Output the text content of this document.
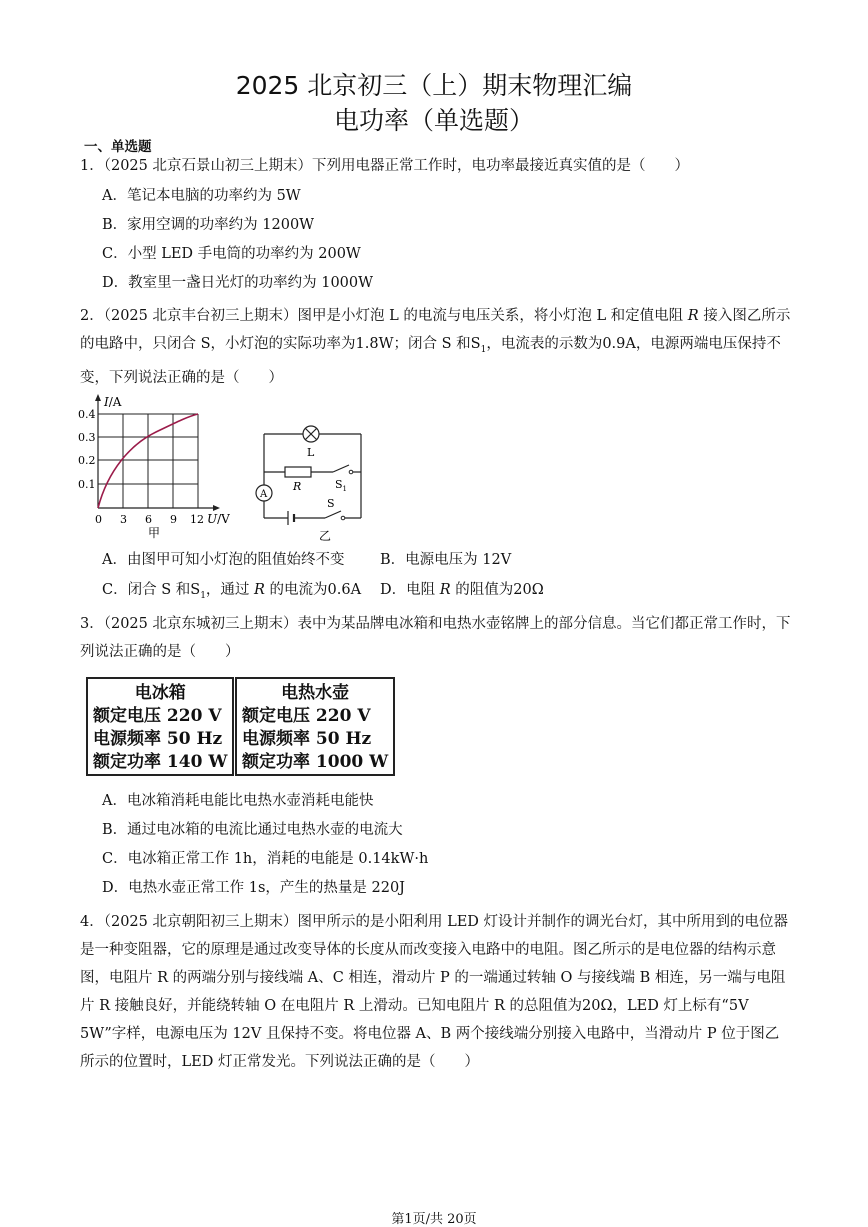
2025 北京初三（上）期末物理汇编
电功率（单选题）
一、单选题
1．（2025 北京石景山初三上期末）下列用电器正常工作时，电功率最接近真实值的是（　　）
A．笔记本电脑的功率约为 5W
B．家用空调的功率约为 1200W
C．小型 LED 手电筒的功率约为 200W
D．教室里一盏日光灯的功率约为 1000W
2．（2025 北京丰台初三上期末）图甲是小灯泡 L 的电流与电压关系，将小灯泡 L 和定值电阻 R 接入图乙所示的电路中，只闭合 S，小灯泡的实际功率为1.8W；闭合 S 和$S_1$，电流表的示数为0.9A，电源两端电压保持不变，下列说法正确的是（　　）
I/A
0.4
0.3
0.2
0.1
0 3 6 9 12 U/V
甲
L
R	$S_1$
S
A
乙
A．由图甲可知小灯泡的阻值始终不变 B．电源电压为 12V
C．闭合 S 和$S_1$，通过 R 的电流为0.6A D．电阻 R 的阻值为20Ω
3．（2025 北京东城初三上期末）表中为某品牌电冰箱和电热水壶铭牌上的部分信息。当它们都正常工作时，下列说法正确的是（　　）
电冰箱
额定电压 220 V
电源频率 50 Hz
额定功率 140 W
电热水壶
额定电压 220 V
电源频率 50 Hz
额定功率 1000 W
A．电冰箱消耗电能比电热水壶消耗电能快
B．通过电冰箱的电流比通过电热水壶的电流大
C．电冰箱正常工作 1h，消耗的电能是 0.14kW·h
D．电热水壶正常工作 1s，产生的热量是 220J
4．（2025 北京朝阳初三上期末）图甲所示的是小阳利用 LED 灯设计并制作的调光台灯，其中所用到的电位器是一种变阻器，它的原理是通过改变导体的长度从而改变接入电路中的电阻。图乙所示的是电位器的结构示意图，电阻片 R 的两端分别与接线端 A、C 相连，滑动片 P 的一端通过转轴 O 与接线端 B 相连，另一端与电阻片 R 接触良好，并能绕转轴 O 在电阻片 R 上滑动。已知电阻片 R 的总阻值为20Ω，LED 灯上标有“5V 5W”字样，电源电压为 12V 且保持不变。将电位器 A、B 两个接线端分别接入电路中，当滑动片 P 位于图乙所示的位置时，LED 灯正常发光。下列说法正确的是（　　）
第1页/共 20页
